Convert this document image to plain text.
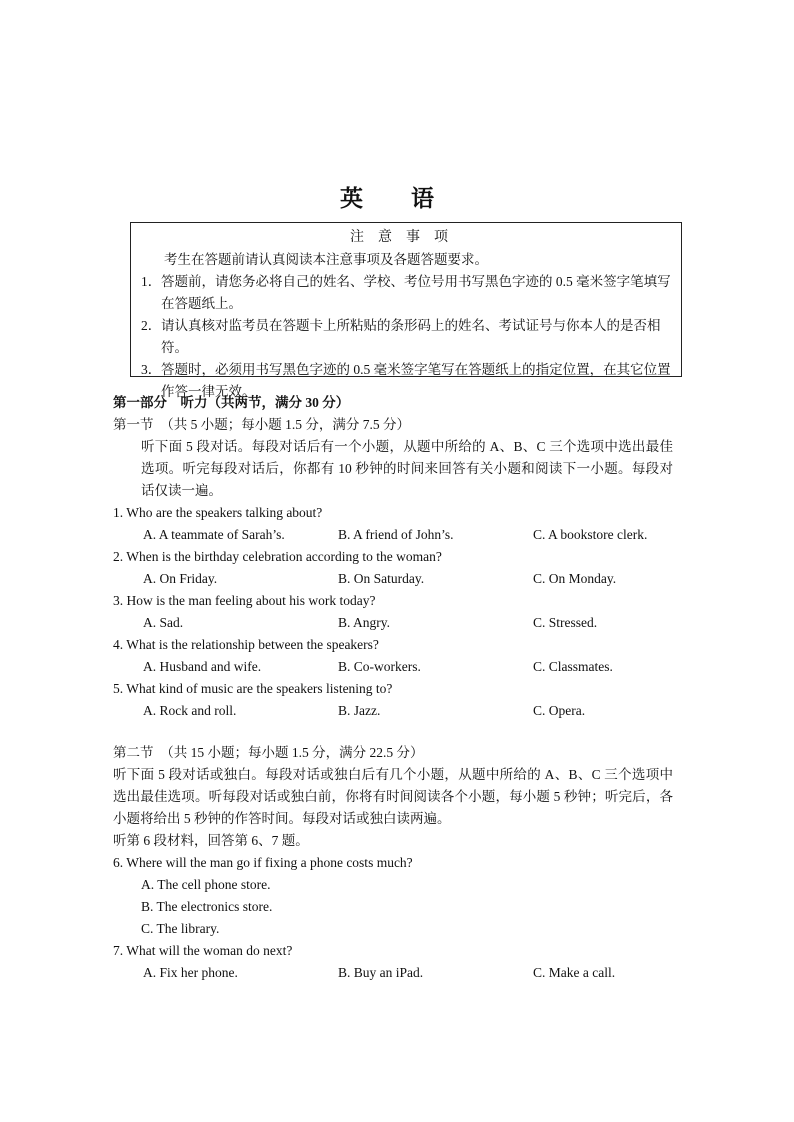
英 语
注意事项
考生在答题前请认真阅读本注意事项及各题答题要求。
1． 答题前，请您务必将自己的姓名、学校、考位号用书写黑色字迹的 0.5 毫米签字笔填写在答题纸上。
2． 请认真核对监考员在答题卡上所粘贴的条形码上的姓名、考试证号与你本人的是否相符。
3． 答题时，必须用书写黑色字迹的 0.5 毫米签字笔写在答题纸上的指定位置，在其它位置作答一律无效。
第一部分　听力（共两节，满分 30 分）
第一节　（共 5 小题；每小题 1.5 分，满分 7.5 分）
听下面 5 段对话。每段对话后有一个小题，从题中所给的 A、B、C 三个选项中选出最佳选项。听完每段对话后，你都有 10 秒钟的时间来回答有关小题和阅读下一小题。每段对话仅读一遍。
1. Who are the speakers talking about?
A. A teammate of Sarah’s.	B. A friend of John’s.	C. A bookstore clerk.
2. When is the birthday celebration according to the woman?
A. On Friday.	B. On Saturday.	C. On Monday.
3. How is the man feeling about his work today?
A. Sad.	B. Angry.	C. Stressed.
4. What is the relationship between the speakers?
A. Husband and wife.	B. Co-workers.	C. Classmates.
5. What kind of music are the speakers listening to?
A. Rock and roll.	B. Jazz.	C. Opera.
第二节　（共 15 小题；每小题 1.5 分，满分 22.5 分）
听下面 5 段对话或独白。每段对话或独白后有几个小题，从题中所给的 A、B、C 三个选项中选出最佳选项。听每段对话或独白前，你将有时间阅读各个小题，每小题 5 秒钟；听完后，各小题将给出 5 秒钟的作答时间。每段对话或独白读两遍。
听第 6 段材料，回答第 6、7 题。
6. Where will the man go if fixing a phone costs much?
A. The cell phone store.
B. The electronics store.
C. The library.
7. What will the woman do next?
A. Fix her phone.	B. Buy an iPad.	C. Make a call.
